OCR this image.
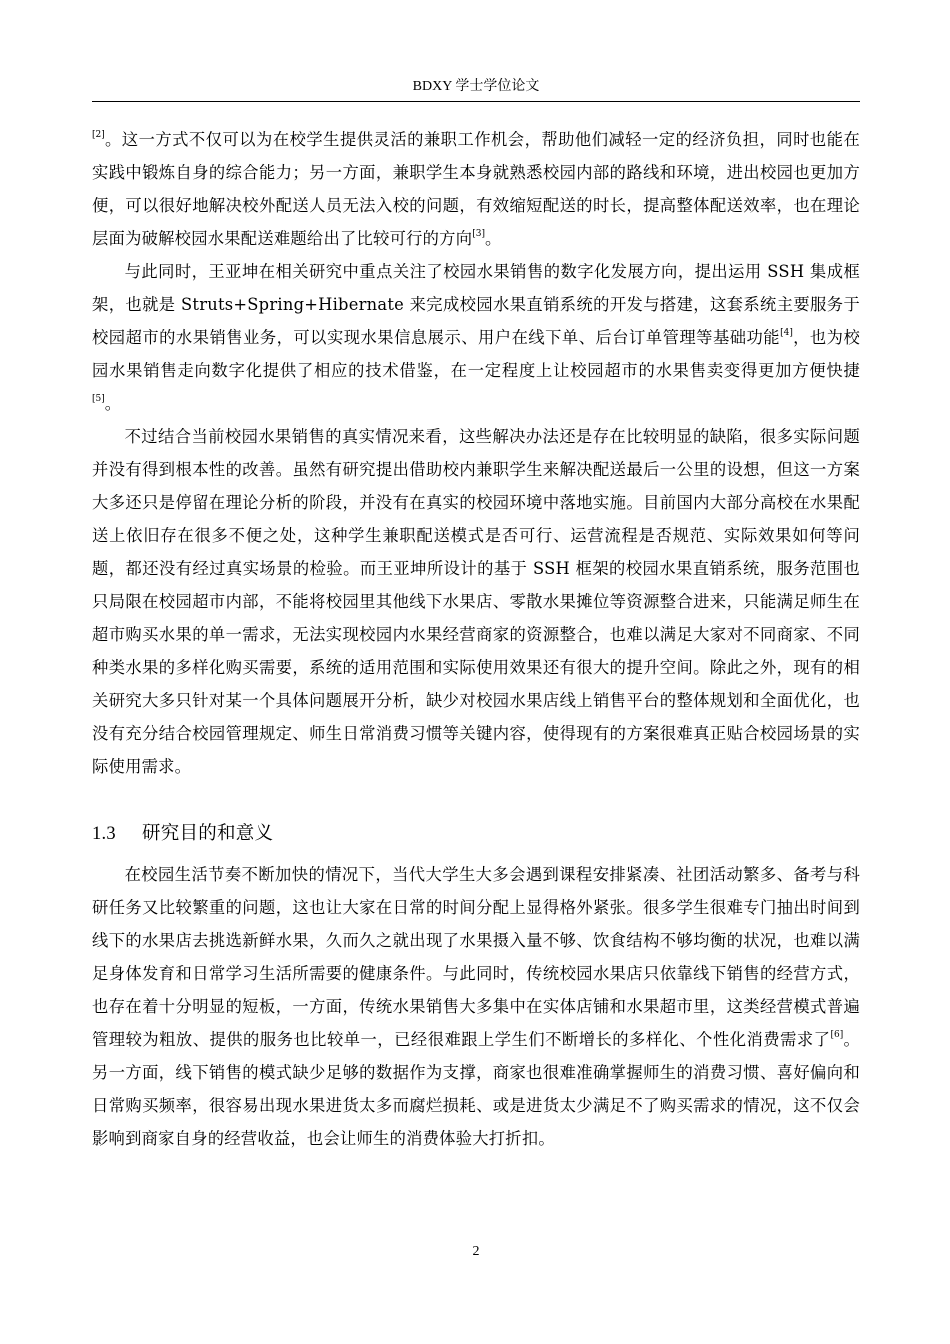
BDXY 学士学位论文

[2]。这一方式不仅可以为在校学生提供灵活的兼职工作机会，帮助他们减轻一定的经济负担，同时也能在实践中锻炼自身的综合能力；另一方面，兼职学生本身就熟悉校园内部的路线和环境，进出校园也更加方便，可以很好地解决校外配送人员无法入校的问题，有效缩短配送的时长，提高整体配送效率，也在理论层面为破解校园水果配送难题给出了比较可行的方向[3]。

与此同时，王亚坤在相关研究中重点关注了校园水果销售的数字化发展方向，提出运用 SSH 集成框架，也就是 Struts+Spring+Hibernate 来完成校园水果直销系统的开发与搭建，这套系统主要服务于校园超市的水果销售业务，可以实现水果信息展示、用户在线下单、后台订单管理等基础功能[4]，也为校园水果销售走向数字化提供了相应的技术借鉴，在一定程度上让校园超市的水果售卖变得更加方便快捷[5]。

不过结合当前校园水果销售的真实情况来看，这些解决办法还是存在比较明显的缺陷，很多实际问题并没有得到根本性的改善。虽然有研究提出借助校内兼职学生来解决配送最后一公里的设想，但这一方案大多还只是停留在理论分析的阶段，并没有在真实的校园环境中落地实施。目前国内大部分高校在水果配送上依旧存在很多不便之处，这种学生兼职配送模式是否可行、运营流程是否规范、实际效果如何等问题，都还没有经过真实场景的检验。而王亚坤所设计的基于 SSH 框架的校园水果直销系统，服务范围也只局限在校园超市内部，不能将校园里其他线下水果店、零散水果摊位等资源整合进来，只能满足师生在超市购买水果的单一需求，无法实现校园内水果经营商家的资源整合，也难以满足大家对不同商家、不同种类水果的多样化购买需要，系统的适用范围和实际使用效果还有很大的提升空间。除此之外，现有的相关研究大多只针对某一个具体问题展开分析，缺少对校园水果店线上销售平台的整体规划和全面优化，也没有充分结合校园管理规定、师生日常消费习惯等关键内容，使得现有的方案很难真正贴合校园场景的实际使用需求。

1.3 研究目的和意义

在校园生活节奏不断加快的情况下，当代大学生大多会遇到课程安排紧凑、社团活动繁多、备考与科研任务又比较繁重的问题，这也让大家在日常的时间分配上显得格外紧张。很多学生很难专门抽出时间到线下的水果店去挑选新鲜水果，久而久之就出现了水果摄入量不够、饮食结构不够均衡的状况，也难以满足身体发育和日常学习生活所需要的健康条件。与此同时，传统校园水果店只依靠线下销售的经营方式，也存在着十分明显的短板，一方面，传统水果销售大多集中在实体店铺和水果超市里，这类经营模式普遍管理较为粗放、提供的服务也比较单一，已经很难跟上学生们不断增长的多样化、个性化消费需求了[6]。另一方面，线下销售的模式缺少足够的数据作为支撑，商家也很难准确掌握师生的消费习惯、喜好偏向和日常购买频率，很容易出现水果进货太多而腐烂损耗、或是进货太少满足不了购买需求的情况，这不仅会影响到商家自身的经营收益，也会让师生的消费体验大打折扣。

2
